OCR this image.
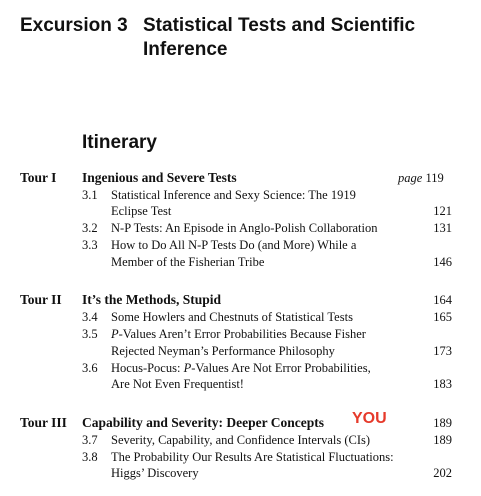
Excursion 3 Statistical Tests and Scientific
Inference
Itinerary
Tour I Ingenious and Severe Tests	page 119
3.1 Statistical Inference and Sexy Science: The 1919
Eclipse Test	121
3.2 N-P Tests: An Episode in Anglo-Polish Collaboration	131
3.3 How to Do All N-P Tests Do (and More) While a
Member of the Fisherian Tribe	146
Tour II It’s the Methods, Stupid	164
3.4 Some Howlers and Chestnuts of Statistical Tests	165
3.5 P-Values Aren’t Error Probabilities Because Fisher
Rejected Neyman’s Performance Philosophy	173
3.6 Hocus-Pocus: P-Values Are Not Error Probabilities,
Are Not Even Frequentist!	183
Tour III Capability and Severity: Deeper Concepts YOU	189
3.7 Severity, Capability, and Confidence Intervals (CIs)	189
3.8 The Probability Our Results Are Statistical Fluctuations:
Higgs’ Discovery	202
